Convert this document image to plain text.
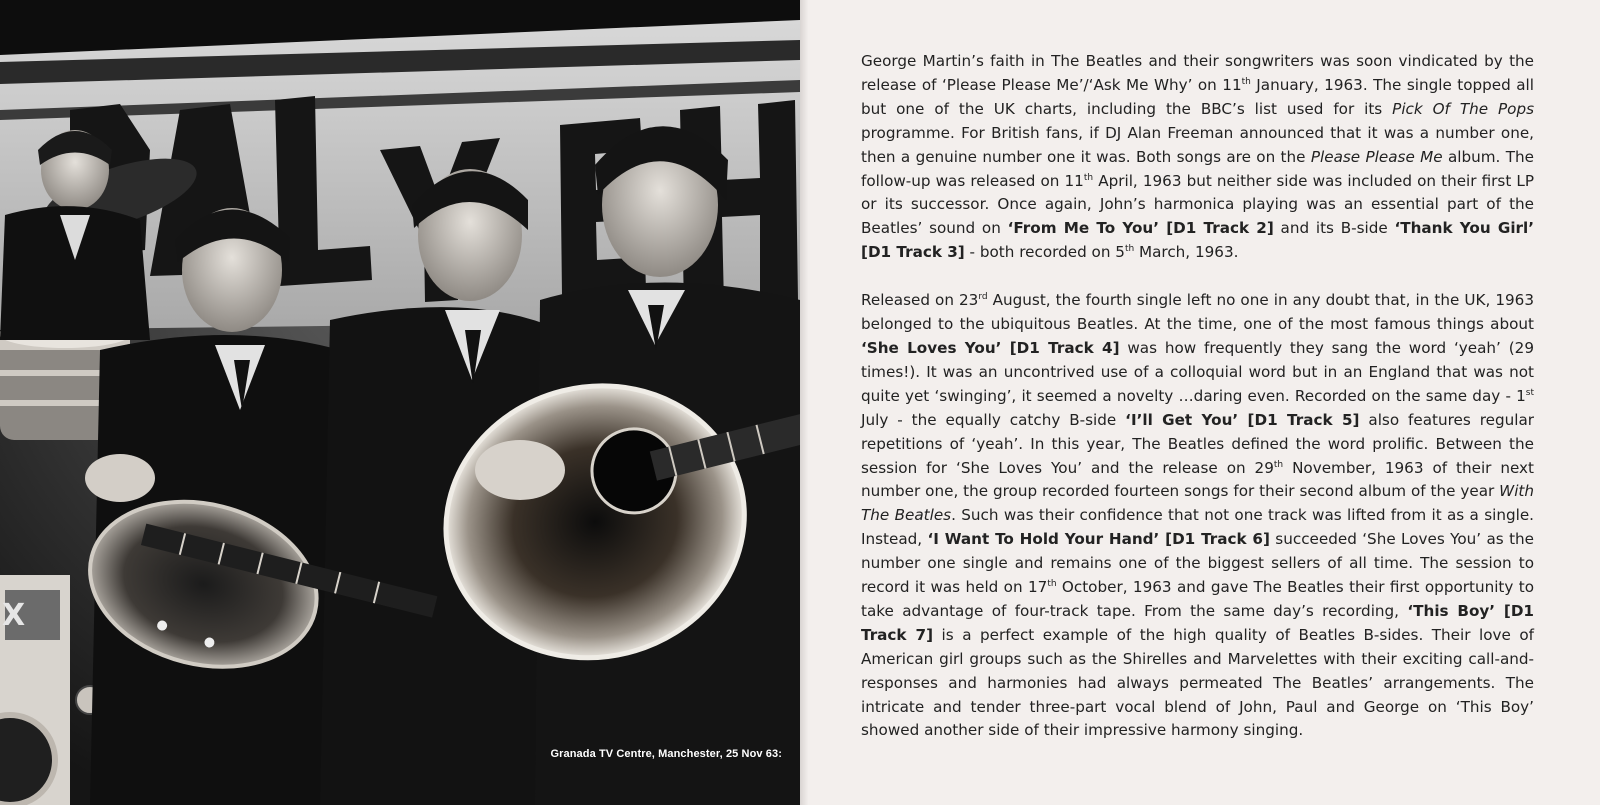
X
Granada TV Centre, Manchester, 25 Nov 63:

George Martin’s faith in The Beatles and their songwriters was soon vindicated by the release of ‘Please Please Me’/‘Ask Me Why’ on 11th January, 1963. The single topped all but one of the UK charts, including the BBC’s list used for its Pick Of The Pops programme. For British fans, if DJ Alan Freeman announced that it was a number one, then a genuine number one it was. Both songs are on the Please Please Me album. The follow-up was released on 11th April, 1963 but neither side was included on their first LP or its successor. Once again, John’s harmonica playing was an essential part of the Beatles’ sound on ‘From Me To You’ [D1 Track 2] and its B-side ‘Thank You Girl’ [D1 Track 3] - both recorded on 5th March, 1963.

Released on 23rd August, the fourth single left no one in any doubt that, in the UK, 1963 belonged to the ubiquitous Beatles. At the time, one of the most famous things about ‘She Loves You’ [D1 Track 4] was how frequently they sang the word ‘yeah’ (29 times!). It was an uncontrived use of a colloquial word but in an England that was not quite yet ‘swinging’, it seemed a novelty …daring even. Recorded on the same day - 1st July - the equally catchy B-side ‘I’ll Get You’ [D1 Track 5] also features regular repetitions of ‘yeah’. In this year, The Beatles defined the word prolific. Between the session for ‘She Loves You’ and the release on 29th November, 1963 of their next number one, the group recorded fourteen songs for their second album of the year With The Beatles. Such was their confidence that not one track was lifted from it as a single. Instead, ‘I Want To Hold Your Hand’ [D1 Track 6] succeeded ‘She Loves You’ as the number one single and remains one of the biggest sellers of all time. The session to record it was held on 17th October, 1963 and gave The Beatles their first opportunity to take advantage of four-track tape. From the same day’s recording, ‘This Boy’ [D1 Track 7] is a perfect example of the high quality of Beatles B-sides. Their love of American girl groups such as the Shirelles and Marvelettes with their exciting call-and-responses and harmonies had always permeated The Beatles’ arrangements. The intricate and tender three-part vocal blend of John, Paul and George on ‘This Boy’ showed another side of their impressive harmony singing.
